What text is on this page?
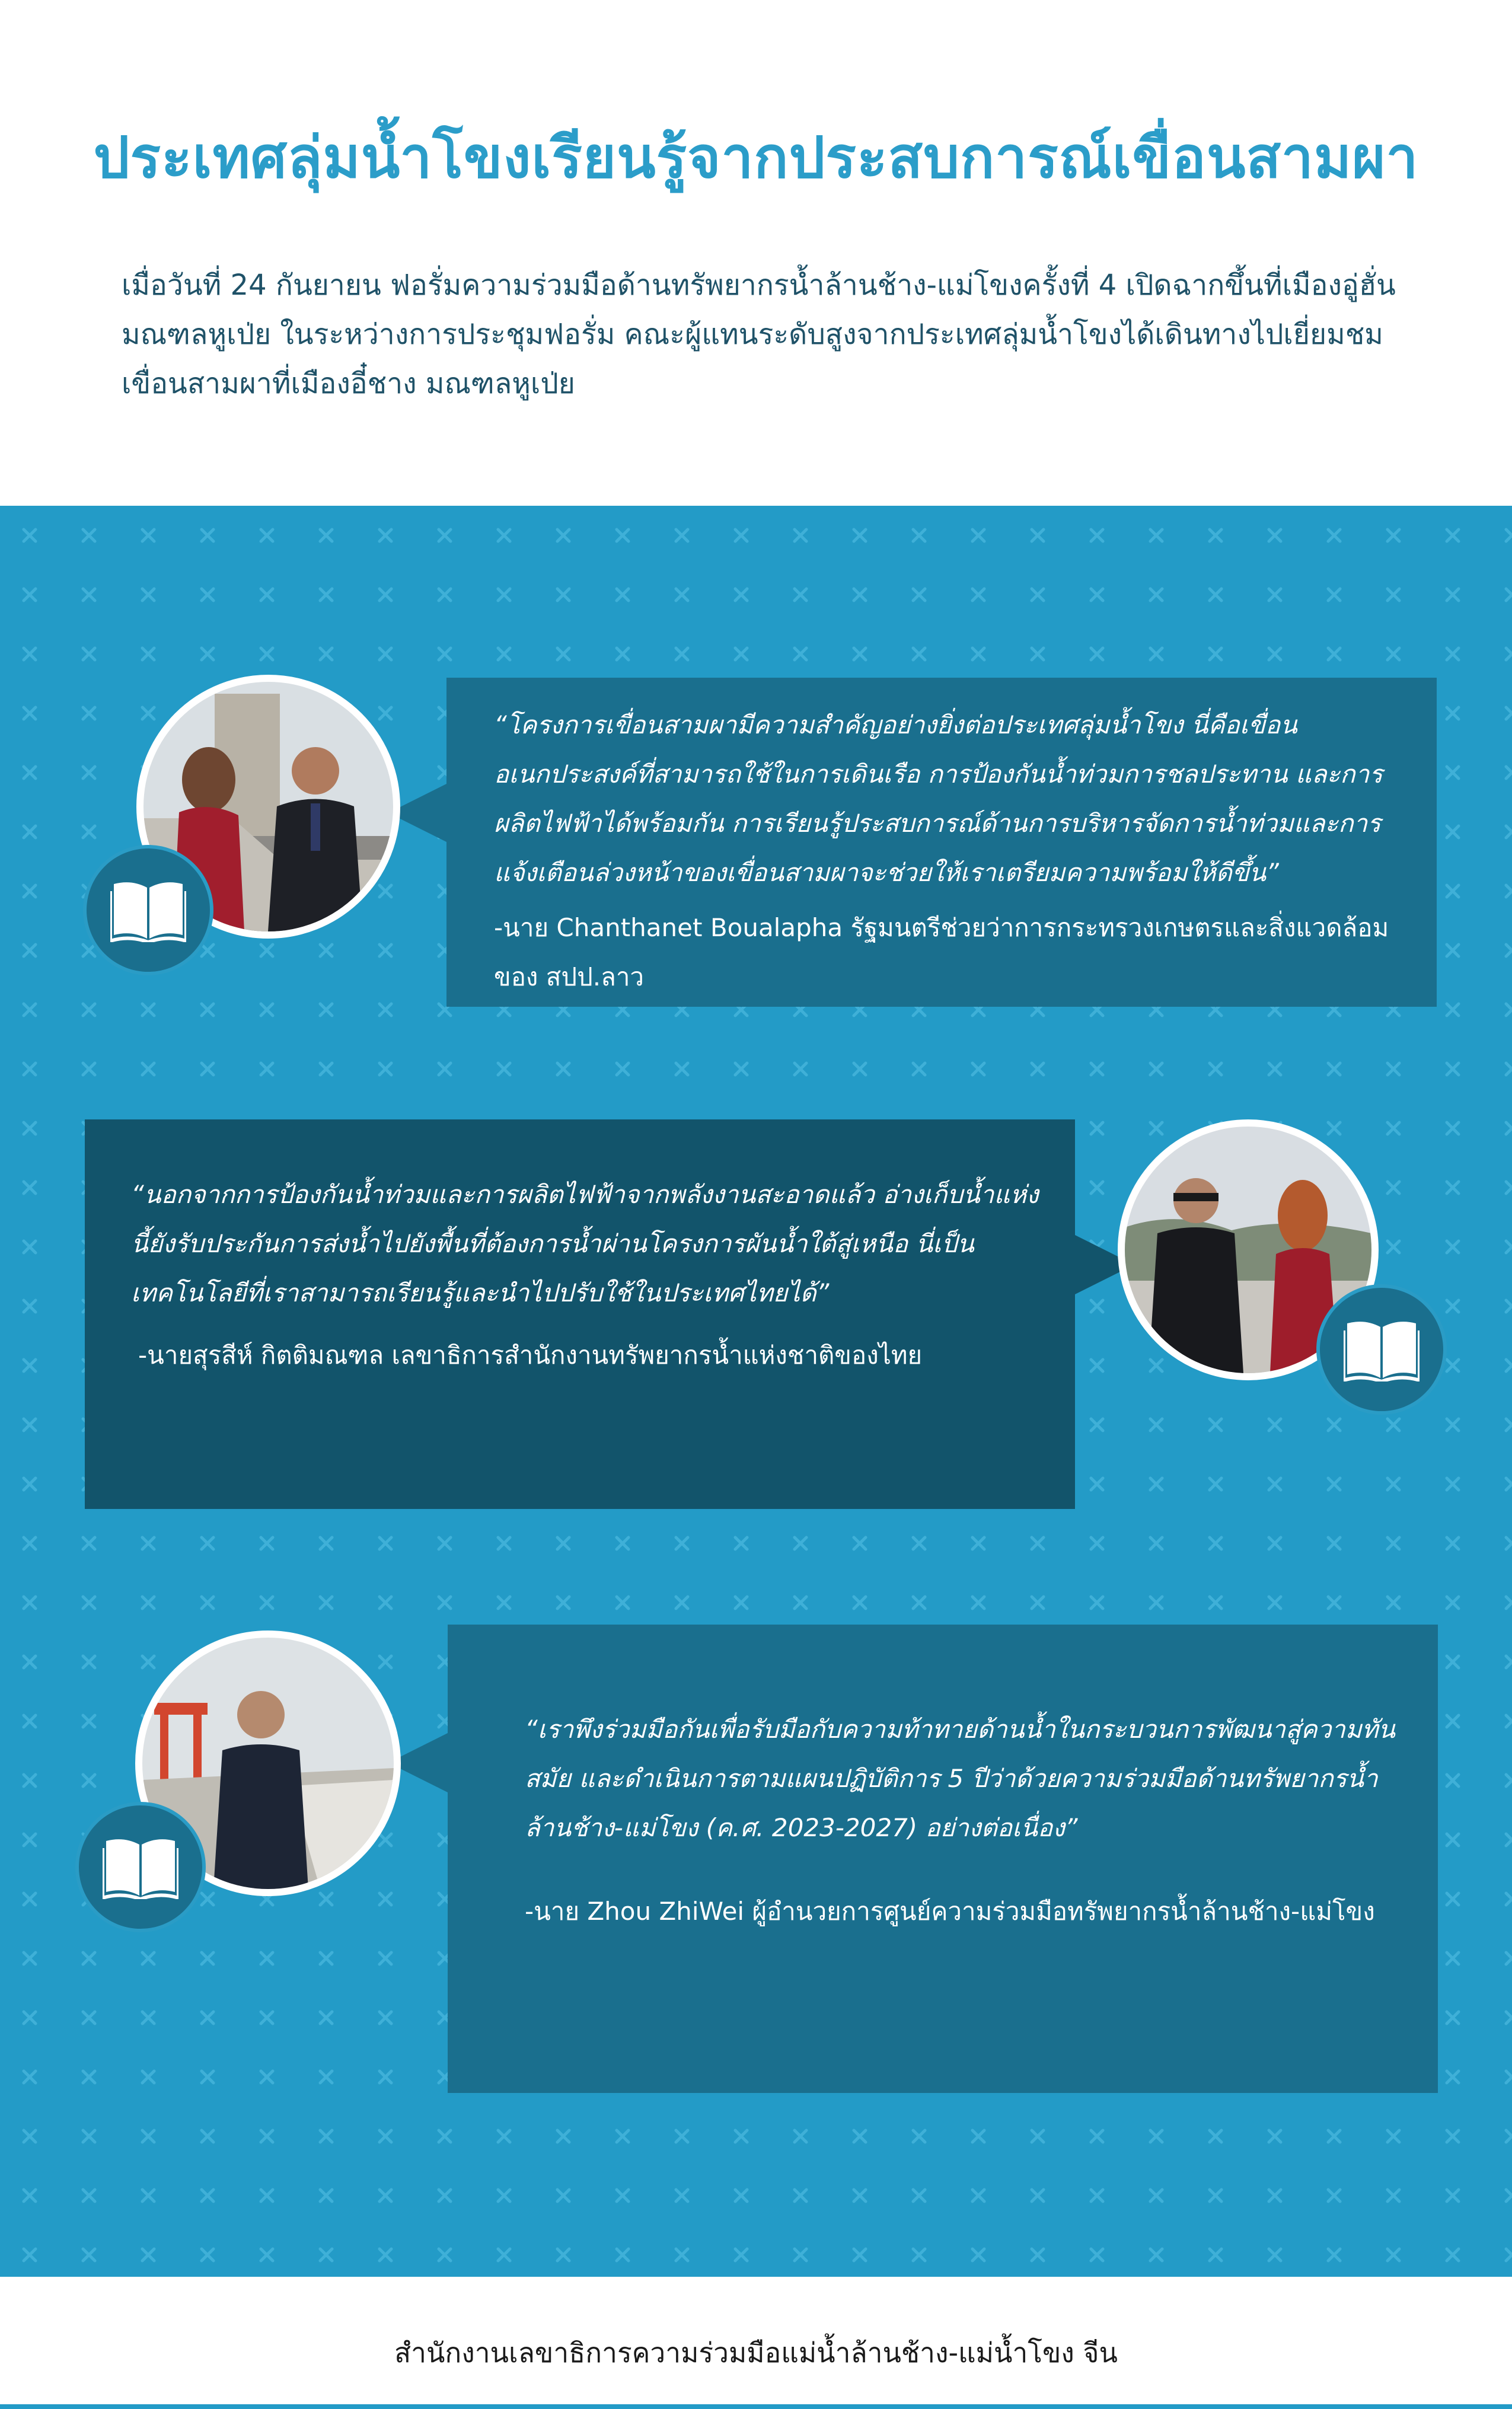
ประเทศลุ่มน้ำโขงเรียนรู้จากประสบการณ์เขื่อนสามผา
เมื่อวันที่ 24 กันยายน ฟอรั่มความร่วมมือด้านทรัพยากรน้ำล้านช้าง-แม่โขงครั้งที่ 4 เปิดฉากขึ้นที่เมืองอู่ฮั่น มณฑลหูเป่ย ในระหว่างการประชุมฟอรั่ม คณะผู้แทนระดับสูงจากประเทศลุ่มน้ำโขงได้เดินทางไปเยี่ยมชมเขื่อนสามผาที่เมืองอี๋ชาง มณฑลหูเป่ย
“โครงการเขื่อนสามผามีความสำคัญอย่างยิ่งต่อประเทศลุ่มน้ำโขง นี่คือเขื่อนอเนกประสงค์ที่สามารถใช้ในการเดินเรือ การป้องกันน้ำท่วมการชลประทาน และการผลิตไฟฟ้าได้พร้อมกัน การเรียนรู้ประสบการณ์ด้านการบริหารจัดการน้ำท่วมและการแจ้งเตือนล่วงหน้าของเขื่อนสามผาจะช่วยให้เราเตรียมความพร้อมให้ดีขึ้น”
-นาย Chanthanet Boualapha รัฐมนตรีช่วยว่าการกระทรวงเกษตรและสิ่งแวดล้อมของ สปป.ลาว
“นอกจากการป้องกันน้ำท่วมและการผลิตไฟฟ้าจากพลังงานสะอาดแล้ว อ่างเก็บน้ำแห่งนี้ยังรับประกันการส่งน้ำไปยังพื้นที่ต้องการน้ำผ่านโครงการผันน้ำใต้สู่เหนือ นี่เป็นเทคโนโลยีที่เราสามารถเรียนรู้และนำไปปรับใช้ในประเทศไทยได้”
-นายสุรสีห์ กิตติมณฑล เลขาธิการสำนักงานทรัพยากรน้ำแห่งชาติของไทย
“เราพึงร่วมมือกันเพื่อรับมือกับความท้าทายด้านน้ำในกระบวนการพัฒนาสู่ความทันสมัย และดำเนินการตามแผนปฏิบัติการ 5 ปีว่าด้วยความร่วมมือด้านทรัพยากรน้ำล้านช้าง-แม่โขง (ค.ศ. 2023-2027) อย่างต่อเนื่อง”
-นาย Zhou ZhiWei ผู้อำนวยการศูนย์ความร่วมมือทรัพยากรน้ำล้านช้าง-แม่โขง
สำนักงานเลขาธิการความร่วมมือแม่น้ำล้านช้าง-แม่น้ำโขง จีน
